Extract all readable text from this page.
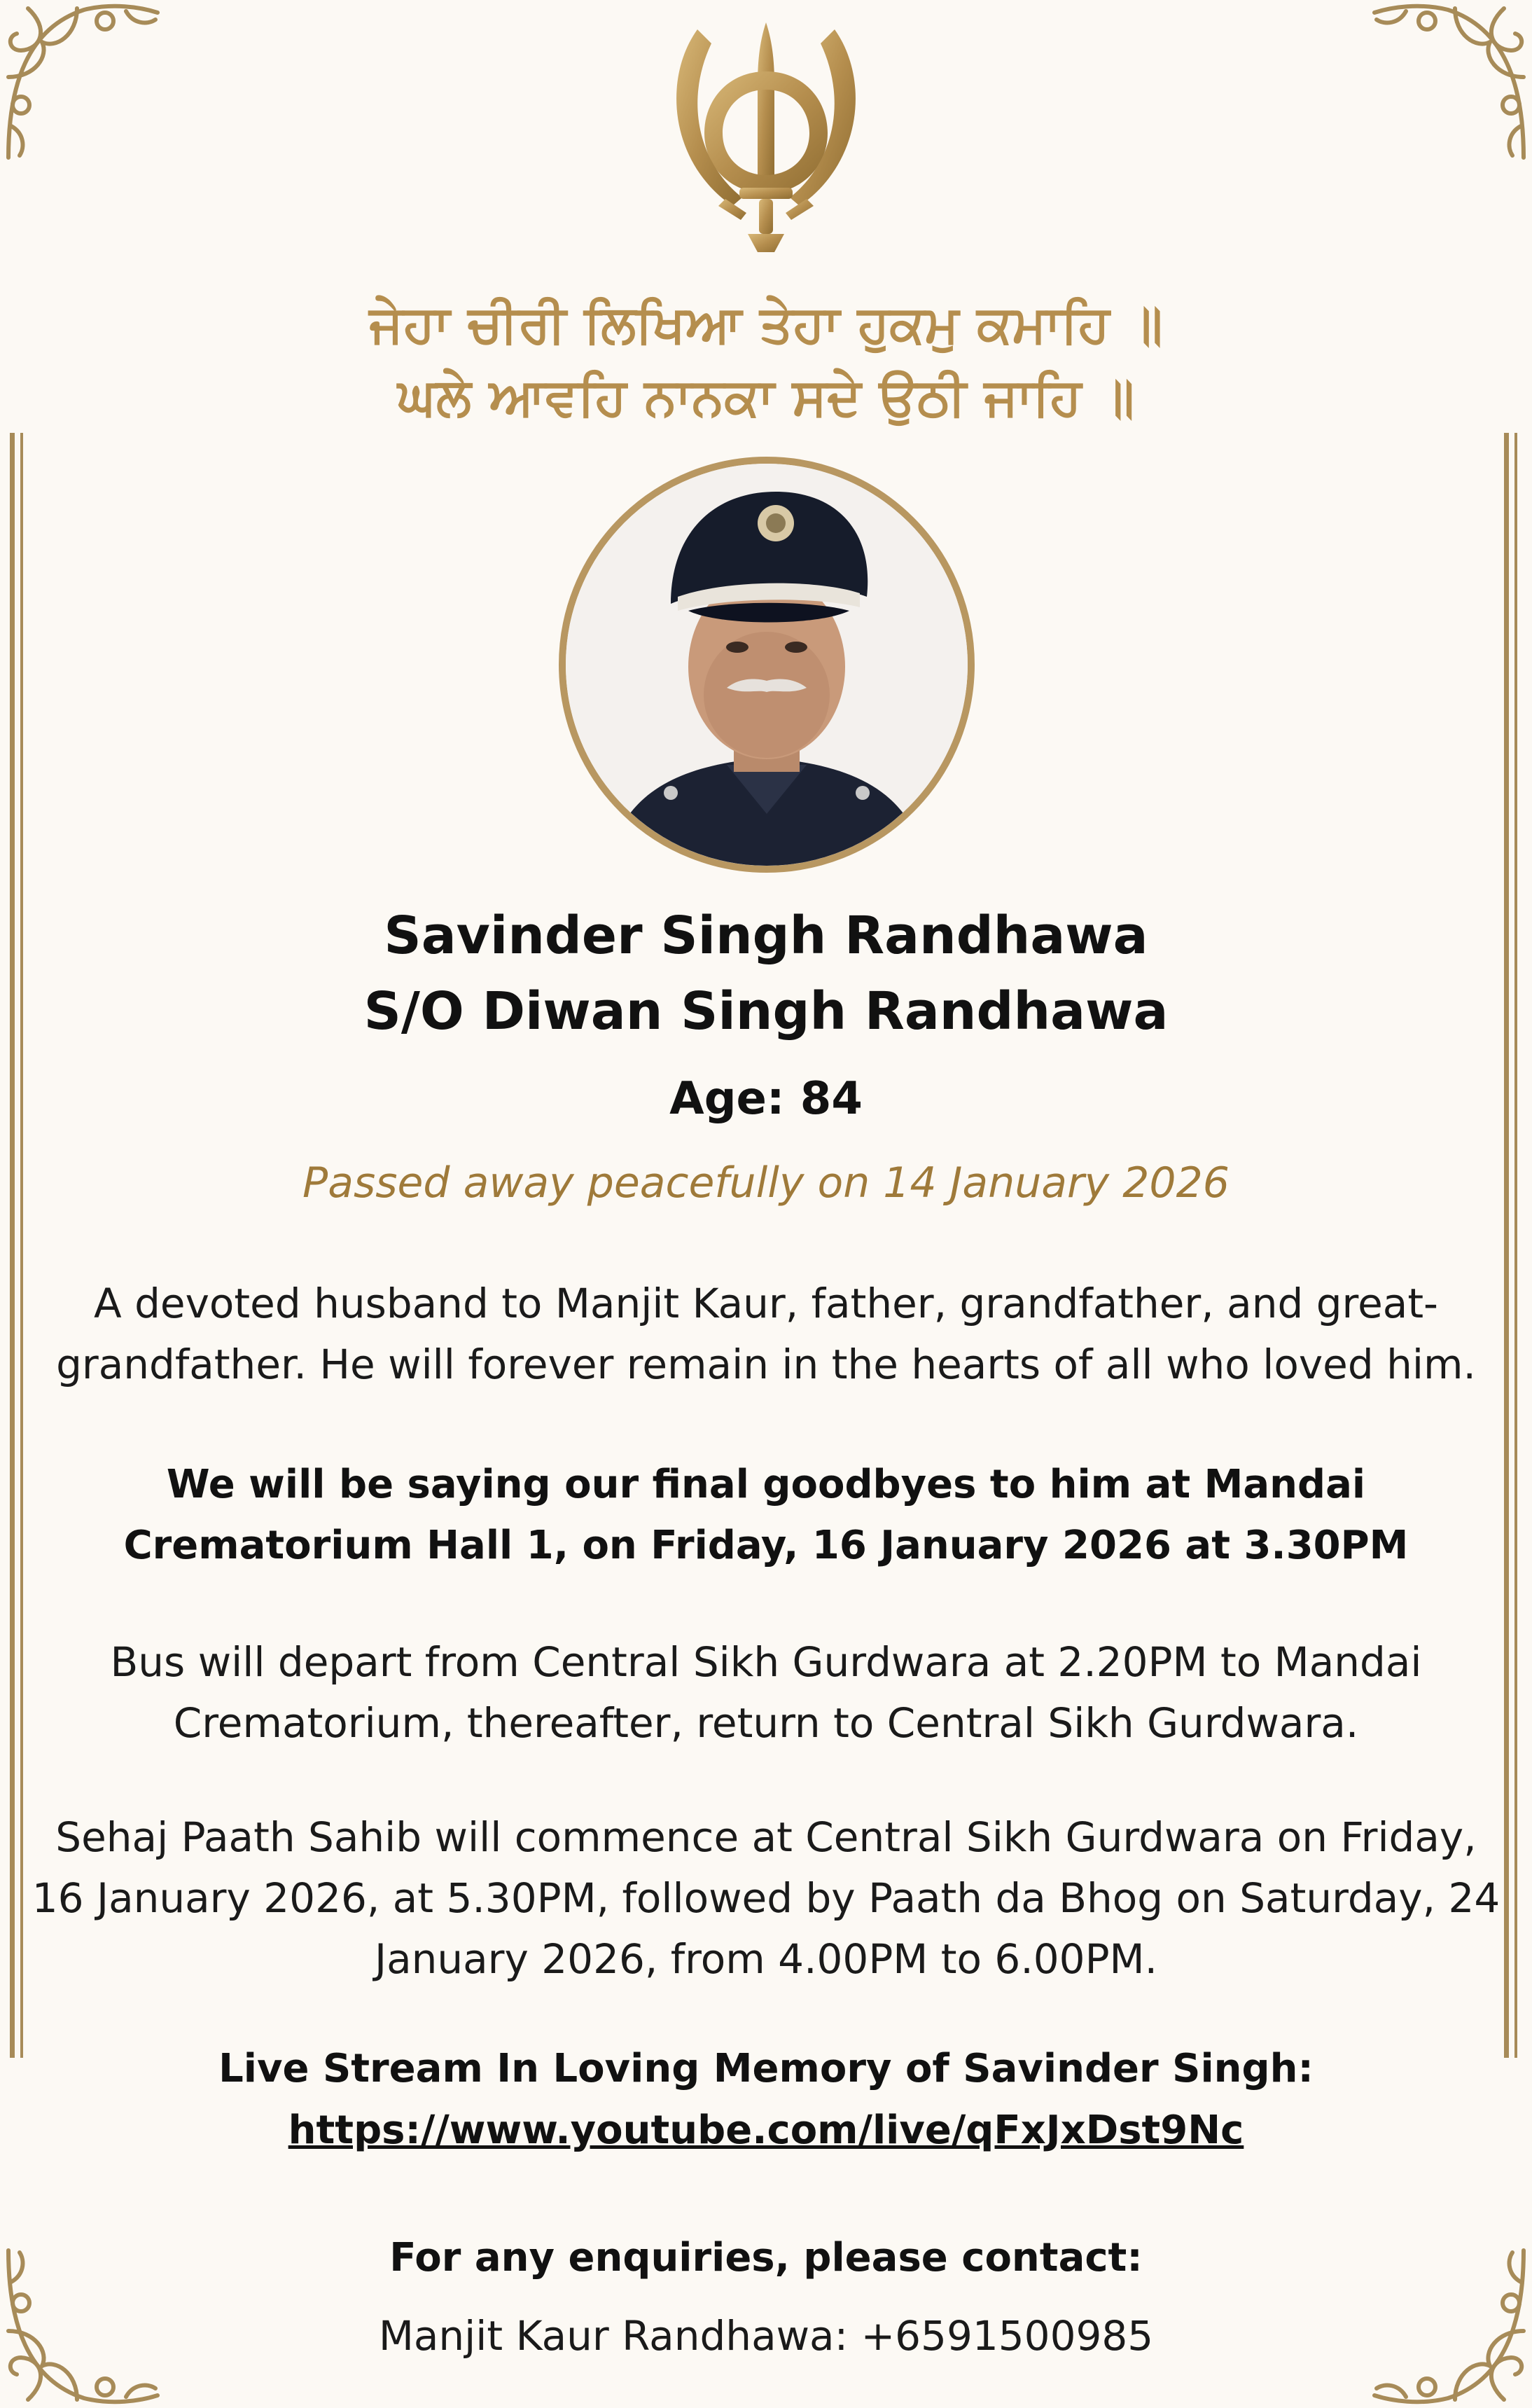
ਜੇਹਾ ਚੀਰੀ ਲਿਖਿਆ ਤੇਹਾ ਹੁਕਮੁ ਕਮਾਹਿ ॥
ਘਲੇ ਆਵਹਿ ਨਾਨਕਾ ਸਦੇ ਉਠੀ ਜਾਹਿ ॥
Savinder Singh Randhawa
S/O Diwan Singh Randhawa
Age: 84
Passed away peacefully on 14 January 2026

A devoted husband to Manjit Kaur, father, grandfather, and great-grandfather. He will forever remain in the hearts of all who loved him.

We will be saying our final goodbyes to him at Mandai Crematorium Hall 1, on Friday, 16 January 2026 at 3.30PM

Bus will depart from Central Sikh Gurdwara at 2.20PM to Mandai Crematorium, thereafter, return to Central Sikh Gurdwara.

Sehaj Paath Sahib will commence at Central Sikh Gurdwara on Friday, 16 January 2026, at 5.30PM, followed by Paath da Bhog on Saturday, 24 January 2026, from 4.00PM to 6.00PM.

Live Stream In Loving Memory of Savinder Singh:
https://www.youtube.com/live/qFxJxDst9Nc
For any enquiries, please contact:
Manjit Kaur Randhawa: +6591500985
